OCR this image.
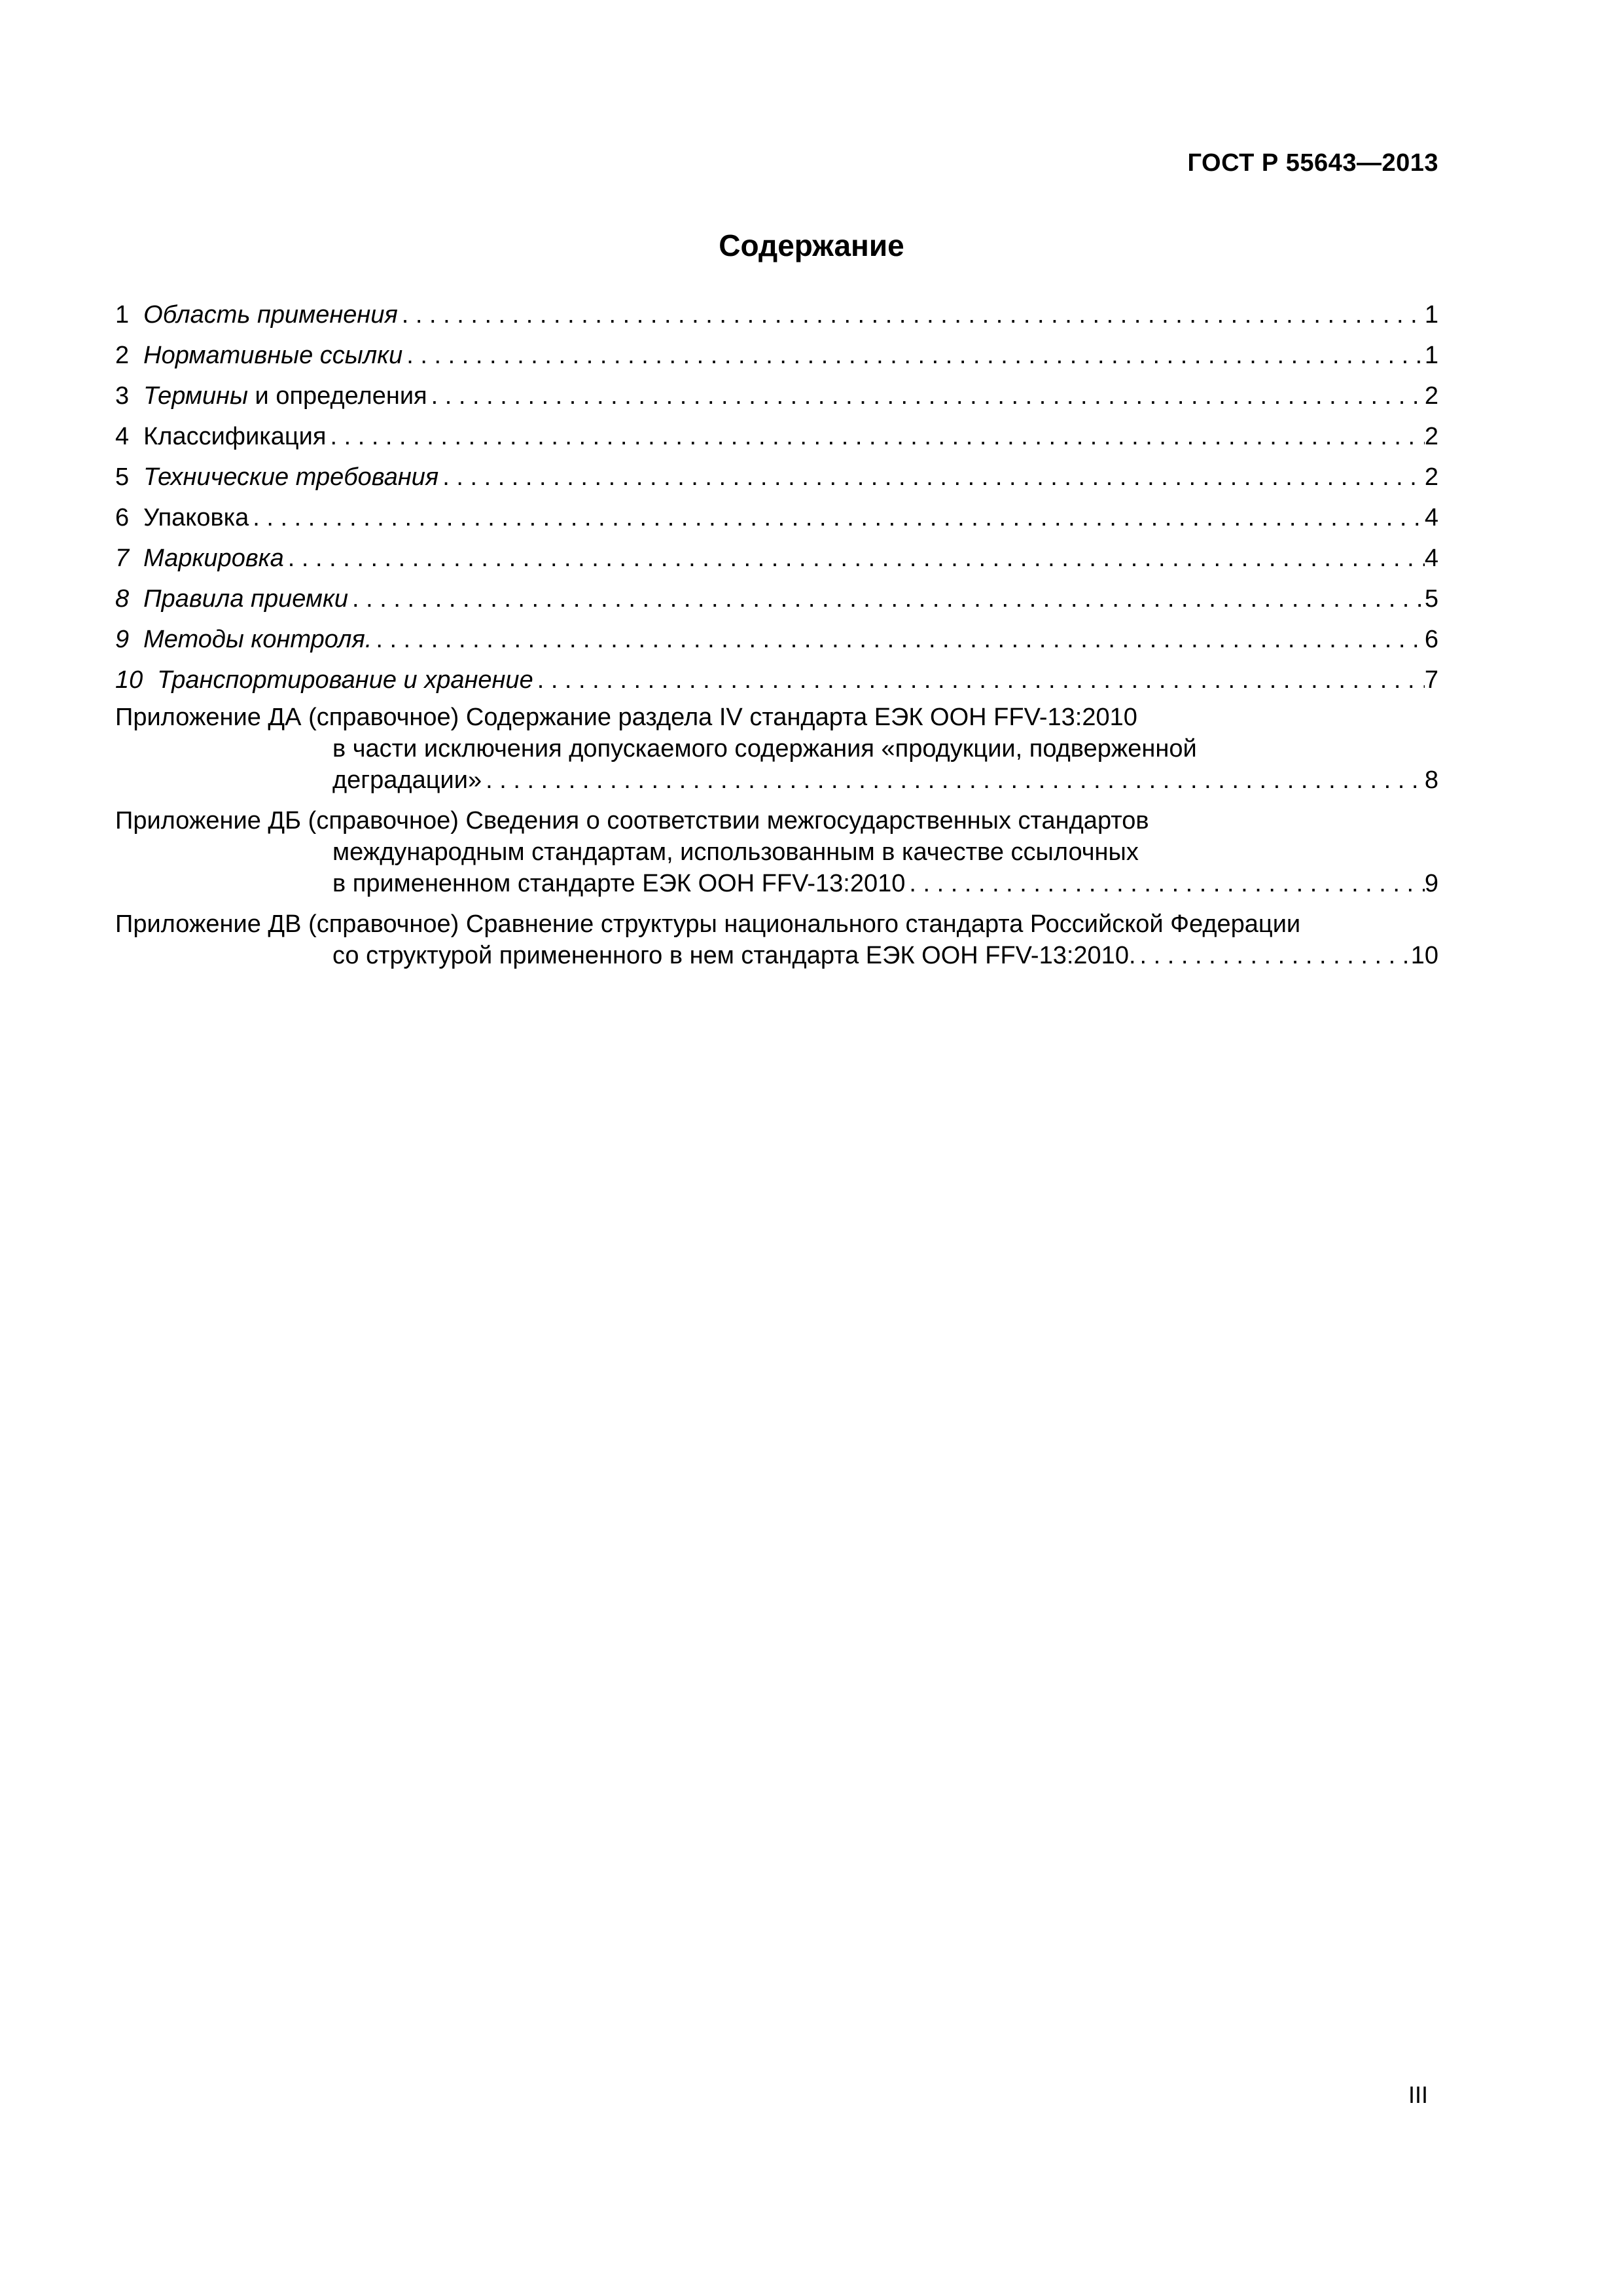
ГОСТ Р 55643—2013
Содержание
1 Область применения . . .	1
2 Нормативные ссылки . . .	1
3 Термины и определения . . .	2
4 Классификация . . .	2
5 Технические требования . . .	2
6 Упаковка . . .	4
7 Маркировка . . .	4
8 Правила приемки . . .	5
9 Методы контроля. . . .	6
10 Транспортирование и хранение . . .	7
Приложение ДА (справочное) Содержание раздела IV стандарта ЕЭК ООН FFV-13:2010
в части исключения допускаемого содержания «продукции, подверженной
деградации» . . .	8
Приложение ДБ (справочное) Сведения о соответствии межгосударственных стандартов
международным стандартам, использованным в качестве ссылочных
в примененном стандарте ЕЭК ООН FFV-13:2010 . . .	9
Приложение ДВ (справочное) Сравнение структуры национального стандарта Российской Федерации
со структурой примененного в нем стандарта ЕЭК ООН FFV-13:2010. . . .	10
III
